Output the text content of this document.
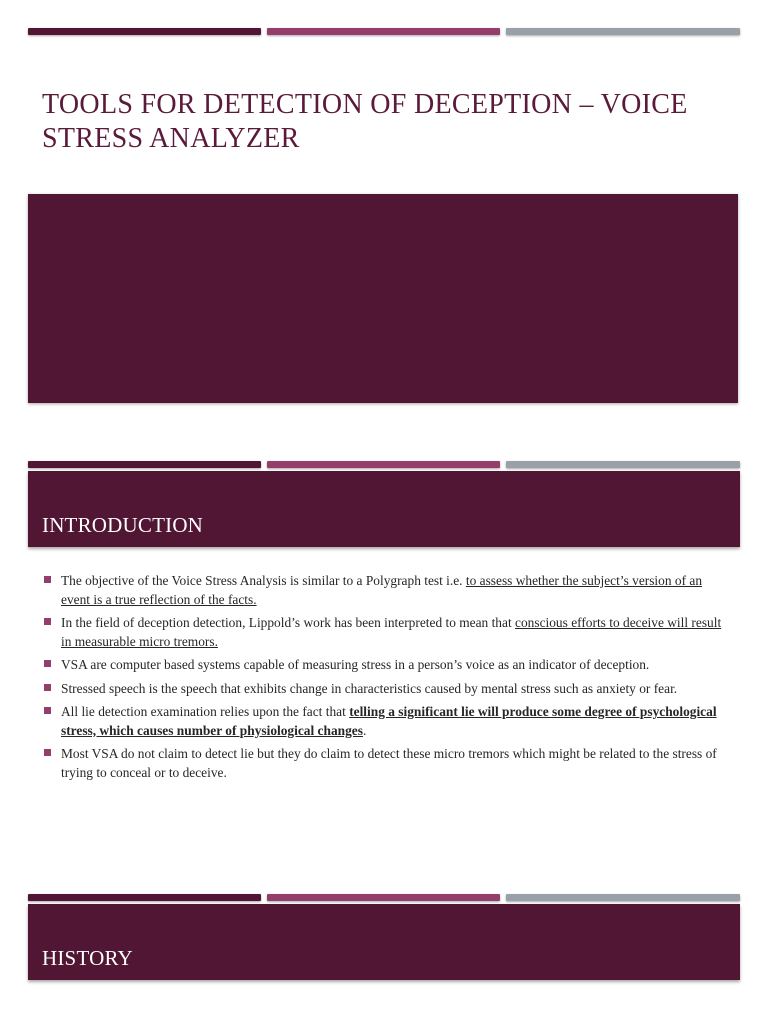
TOOLS FOR DETECTION OF DECEPTION – VOICE STRESS ANALYZER
INTRODUCTION
The objective of the Voice Stress Analysis is similar to a Polygraph test i.e. to assess whether the subject’s version of an event is a true reflection of the facts.
In the field of deception detection, Lippold’s work has been interpreted to mean that conscious efforts to deceive will result in measurable micro tremors.
VSA are computer based systems capable of measuring stress in a person’s voice as an indicator of deception.
Stressed speech is the speech that exhibits change in characteristics caused by mental stress such as anxiety or fear.
All lie detection examination relies upon the fact that telling a significant lie will produce some degree of psychological stress, which causes number of physiological changes.
Most VSA do not claim to detect lie but they do claim to detect these micro tremors which might be related to the stress of trying to conceal or to deceive.
HISTORY
